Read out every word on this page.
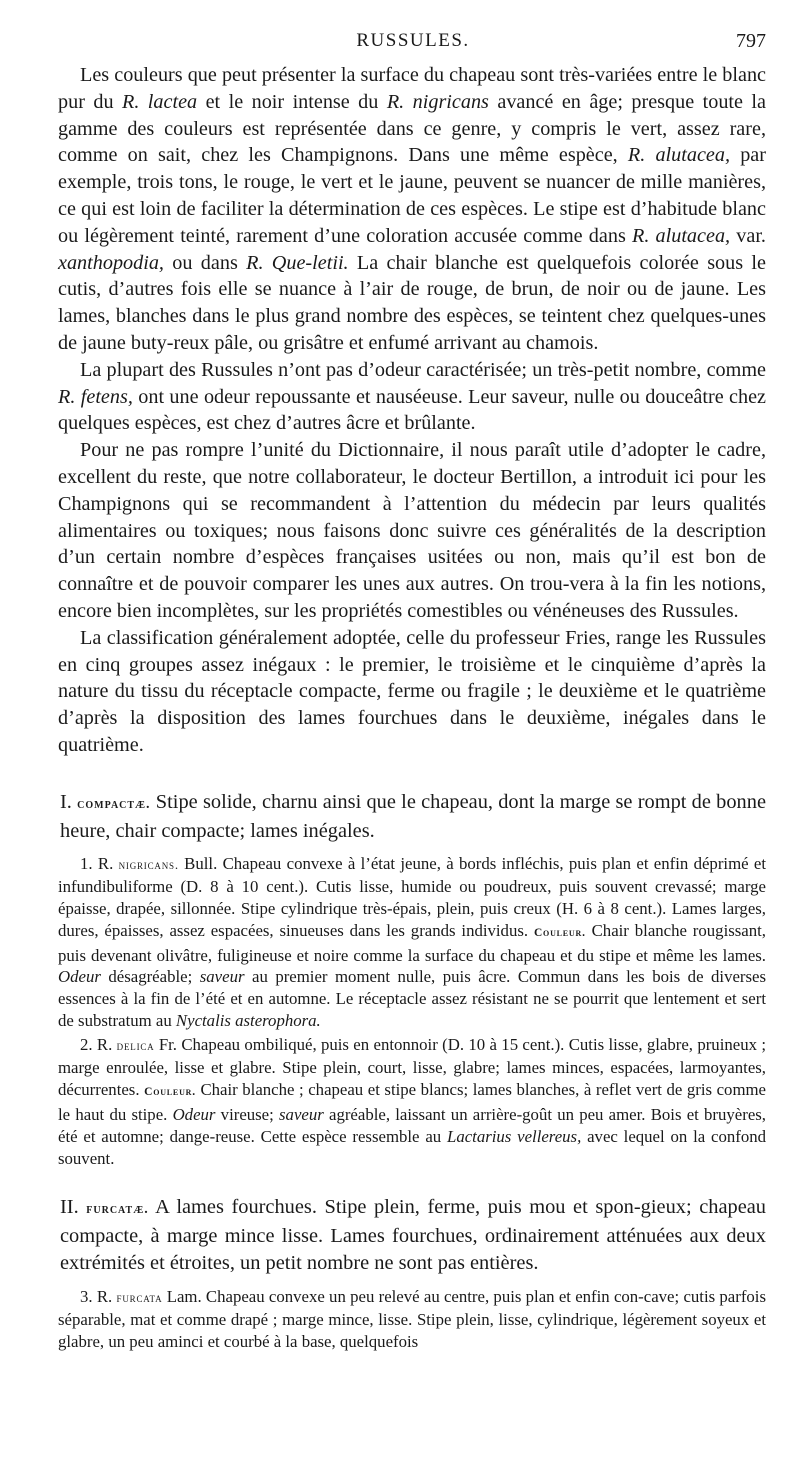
RUSSULES.	797

Les couleurs que peut présenter la surface du chapeau sont très-variées entre le blanc pur du R. lactea et le noir intense du R. nigricans avancé en âge; presque toute la gamme des couleurs est représentée dans ce genre, y compris le vert, assez rare, comme on sait, chez les Champignons. Dans une même espèce, R. alutacea, par exemple, trois tons, le rouge, le vert et le jaune, peuvent se nuancer de mille manières, ce qui est loin de faciliter la détermination de ces espèces. Le stipe est d’habitude blanc ou légèrement teinté, rarement d’une coloration accusée comme dans R. alutacea, var. xanthopodia, ou dans R. Que-letii. La chair blanche est quelquefois colorée sous le cutis, d’autres fois elle se nuance à l’air de rouge, de brun, de noir ou de jaune. Les lames, blanches dans le plus grand nombre des espèces, se teintent chez quelques-unes de jaune buty-reux pâle, ou grisâtre et enfumé arrivant au chamois.

La plupart des Russules n’ont pas d’odeur caractérisée; un très-petit nombre, comme R. fetens, ont une odeur repoussante et nauséeuse. Leur saveur, nulle ou douceâtre chez quelques espèces, est chez d’autres âcre et brûlante.

Pour ne pas rompre l’unité du Dictionnaire, il nous paraît utile d’adopter le cadre, excellent du reste, que notre collaborateur, le docteur Bertillon, a introduit ici pour les Champignons qui se recommandent à l’attention du médecin par leurs qualités alimentaires ou toxiques; nous faisons donc suivre ces généralités de la description d’un certain nombre d’espèces françaises usitées ou non, mais qu’il est bon de connaître et de pouvoir comparer les unes aux autres. On trou-vera à la fin les notions, encore bien incomplètes, sur les propriétés comestibles ou vénéneuses des Russules.

La classification généralement adoptée, celle du professeur Fries, range les Russules en cinq groupes assez inégaux : le premier, le troisième et le cinquième d’après la nature du tissu du réceptacle compacte, ferme ou fragile ; le deuxième et le quatrième d’après la disposition des lames fourchues dans le deuxième, inégales dans le quatrième.

I. compactæ. Stipe solide, charnu ainsi que le chapeau, dont la marge se rompt de bonne heure, chair compacte; lames inégales.

1. R. nigricans. Bull. Chapeau convexe à l’état jeune, à bords infléchis, puis plan et enfin déprimé et infundibuliforme (D. 8 à 10 cent.). Cutis lisse, humide ou poudreux, puis souvent crevassé; marge épaisse, drapée, sillonnée. Stipe cylindrique très-épais, plein, puis creux (H. 6 à 8 cent.). Lames larges, dures, épaisses, assez espacées, sinueuses dans les grands individus. Couleur. Chair blanche rougissant, puis devenant olivâtre, fuligineuse et noire comme la surface du chapeau et du stipe et même les lames. Odeur désagréable; saveur au premier moment nulle, puis âcre. Commun dans les bois de diverses essences à la fin de l’été et en automne. Le réceptacle assez résistant ne se pourrit que lentement et sert de substratum au Nyctalis asterophora.

2. R. delica Fr. Chapeau ombiliqué, puis en entonnoir (D. 10 à 15 cent.). Cutis lisse, glabre, pruineux ; marge enroulée, lisse et glabre. Stipe plein, court, lisse, glabre; lames minces, espacées, larmoyantes, décurrentes. Couleur. Chair blanche ; chapeau et stipe blancs; lames blanches, à reflet vert de gris comme le haut du stipe. Odeur vireuse; saveur agréable, laissant un arrière-goût un peu amer. Bois et bruyères, été et automne; dange-reuse. Cette espèce ressemble au Lactarius vellereus, avec lequel on la confond souvent.

II. furcatæ. A lames fourchues. Stipe plein, ferme, puis mou et spon-gieux; chapeau compacte, à marge mince lisse. Lames fourchues, ordinairement atténuées aux deux extrémités et étroites, un petit nombre ne sont pas entières.

3. R. furcata Lam. Chapeau convexe un peu relevé au centre, puis plan et enfin con-cave; cutis parfois séparable, mat et comme drapé ; marge mince, lisse. Stipe plein, lisse, cylindrique, légèrement soyeux et glabre, un peu aminci et courbé à la base, quelquefois
